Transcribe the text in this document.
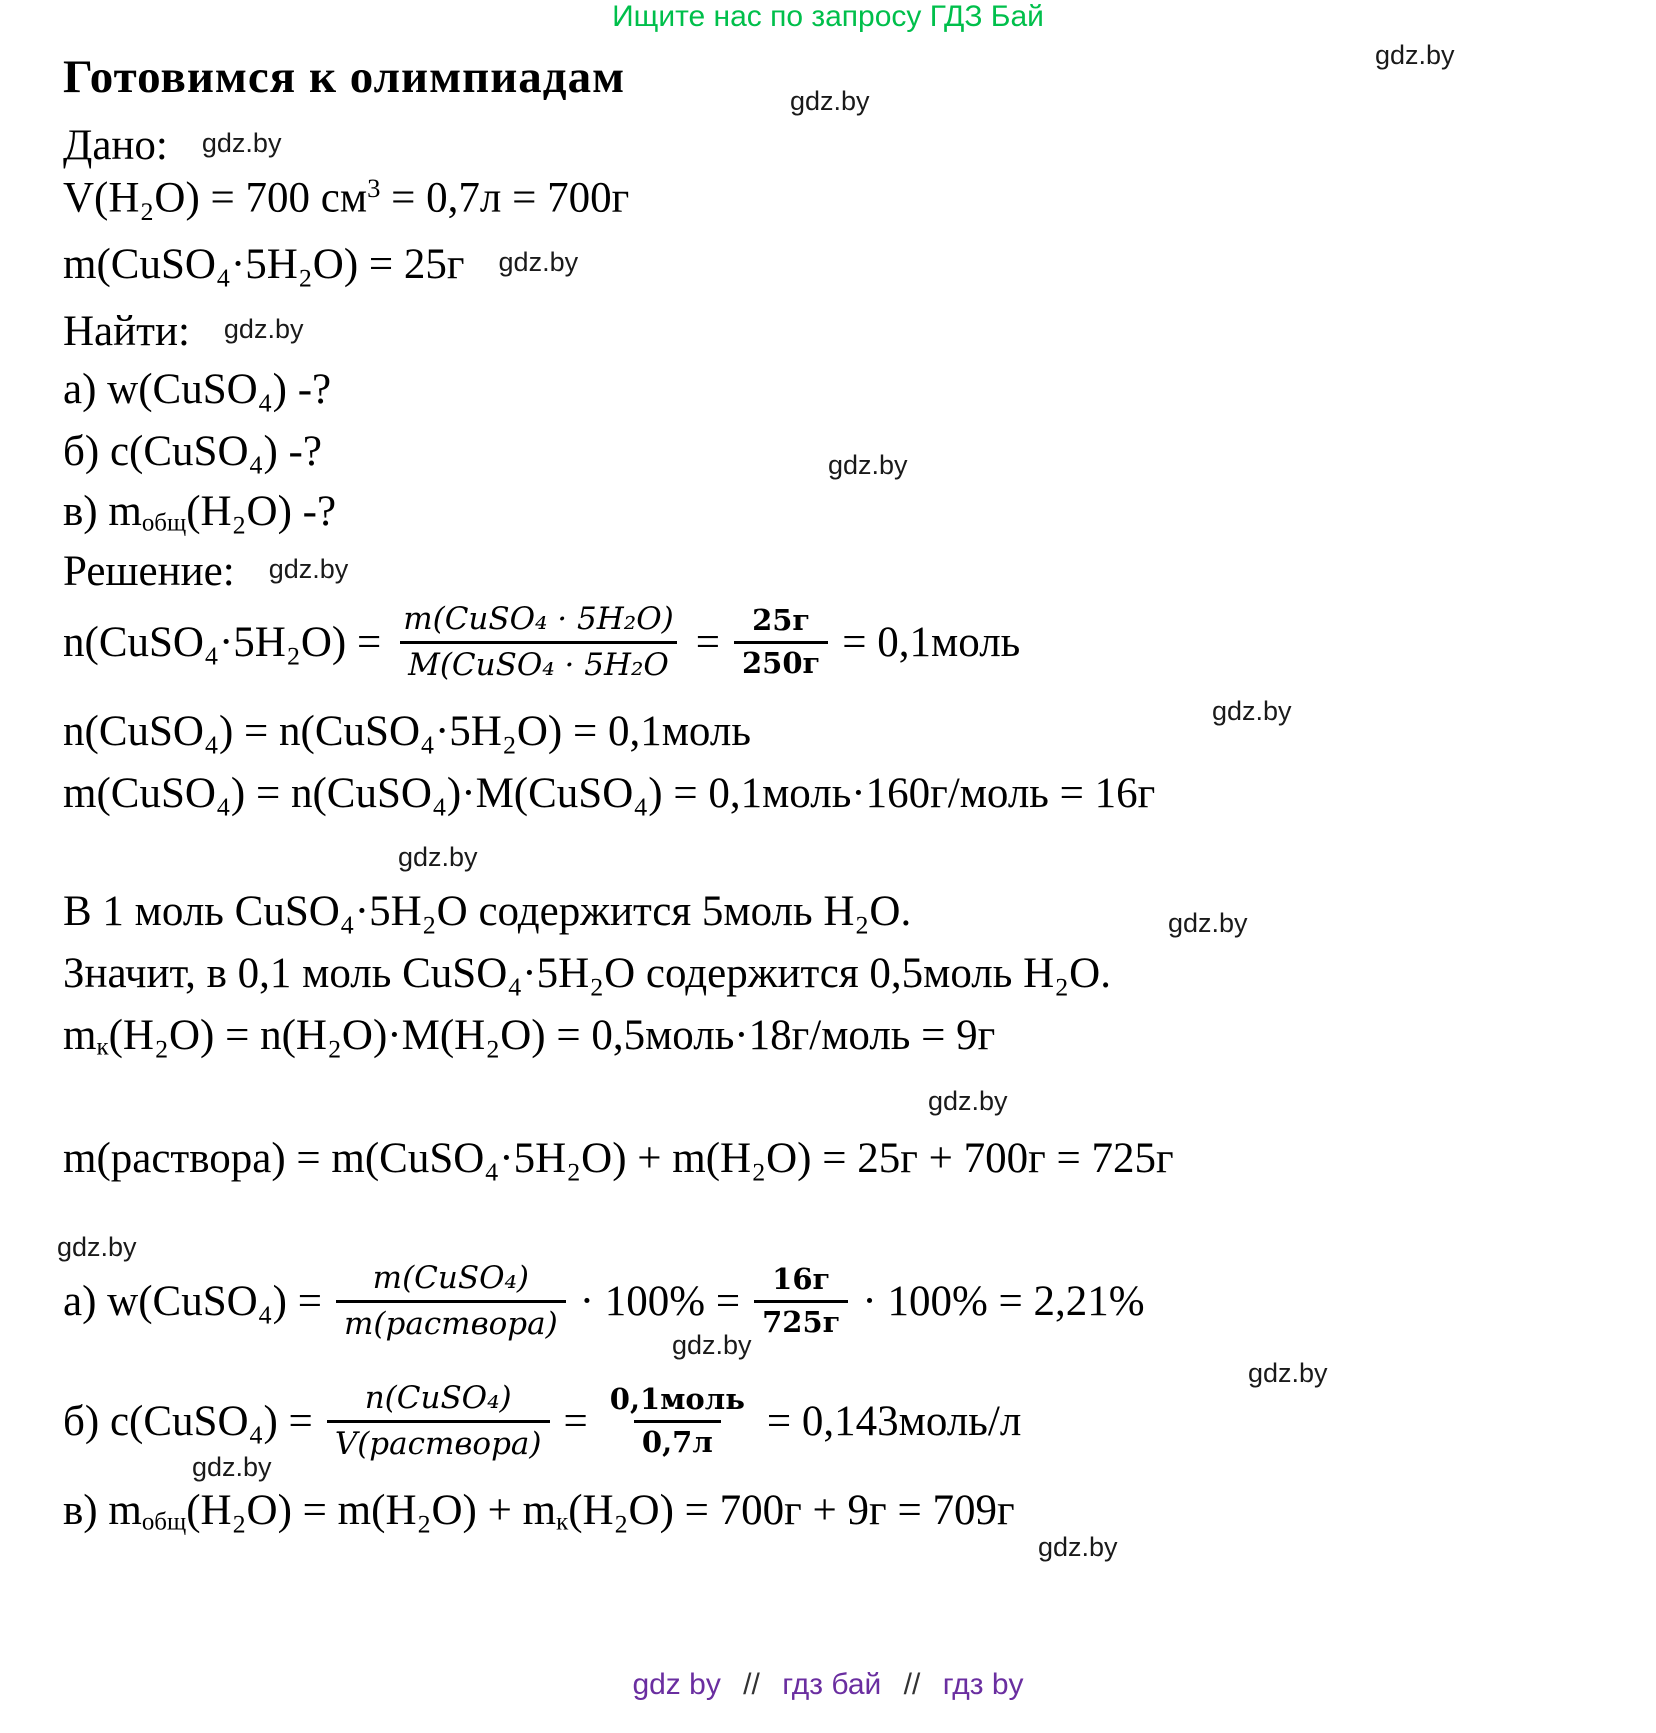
Ищите нас по запросу ГДЗ Бай
gdz.by
gdz.by
gdz.by
gdz.by
gdz.by
gdz.by
gdz.by
gdz.by
gdz.by
gdz.by
gdz.by
gdz.by
Готовимся к олимпиадам
Дано: gdz.by
V(H₂O) = 700 $см^3 = 0,7л = 700г$
m(CuSO₄·5H₂O) = 25г gdz.by
Найти: gdz.by
а) w(CuSO₄) -?
б) c(CuSO₄) -?
в) mобщ(H₂O) -?
Решение: gdz.by
n(CuSO₄·5H₂O) = $\frac{\text{m(CuSO₄ · 5H₂O)}}{\text{M(CuSO₄ · 5H₂O}} = \frac{25г}{250г}$ = 0,1моль
n(CuSO₄) = n(CuSO₄·5H₂O) = 0,1моль
m(CuSO₄) = n(CuSO₄)·M(CuSO₄) = 0,1моль·160г/моль = 16г
В 1 моль CuSO₄·5H₂O содержится 5моль H₂O.
Значит, в 0,1 моль CuSO₄·5H₂O содержится 0,5моль H₂O.
mк(H₂O) = n(H₂O)·M(H₂O) = 0,5моль·18г/моль = 9г
m(раствора) = m(CuSO₄·5H₂O) + m(H₂O) = 25г + 700г = 725г
а) w(CuSO₄) = $\frac{\text{m(CuSO₄)}}{\text{m(раствора)}} \cdot 100\% = \frac{16г}{725г} \cdot 100\% = 2,21\%$
б) c(CuSO₄) = $\frac{\text{n(CuSO₄)}}{\text{V(раствора)}} = \frac{\text{0,1моль}}{0,7л}$ = 0,143моль/л
в) mобщ(H₂O) = m(H₂O) + mк(H₂O) = 700г + 9г = 709г
gdz by // гдз бай // гдз by
